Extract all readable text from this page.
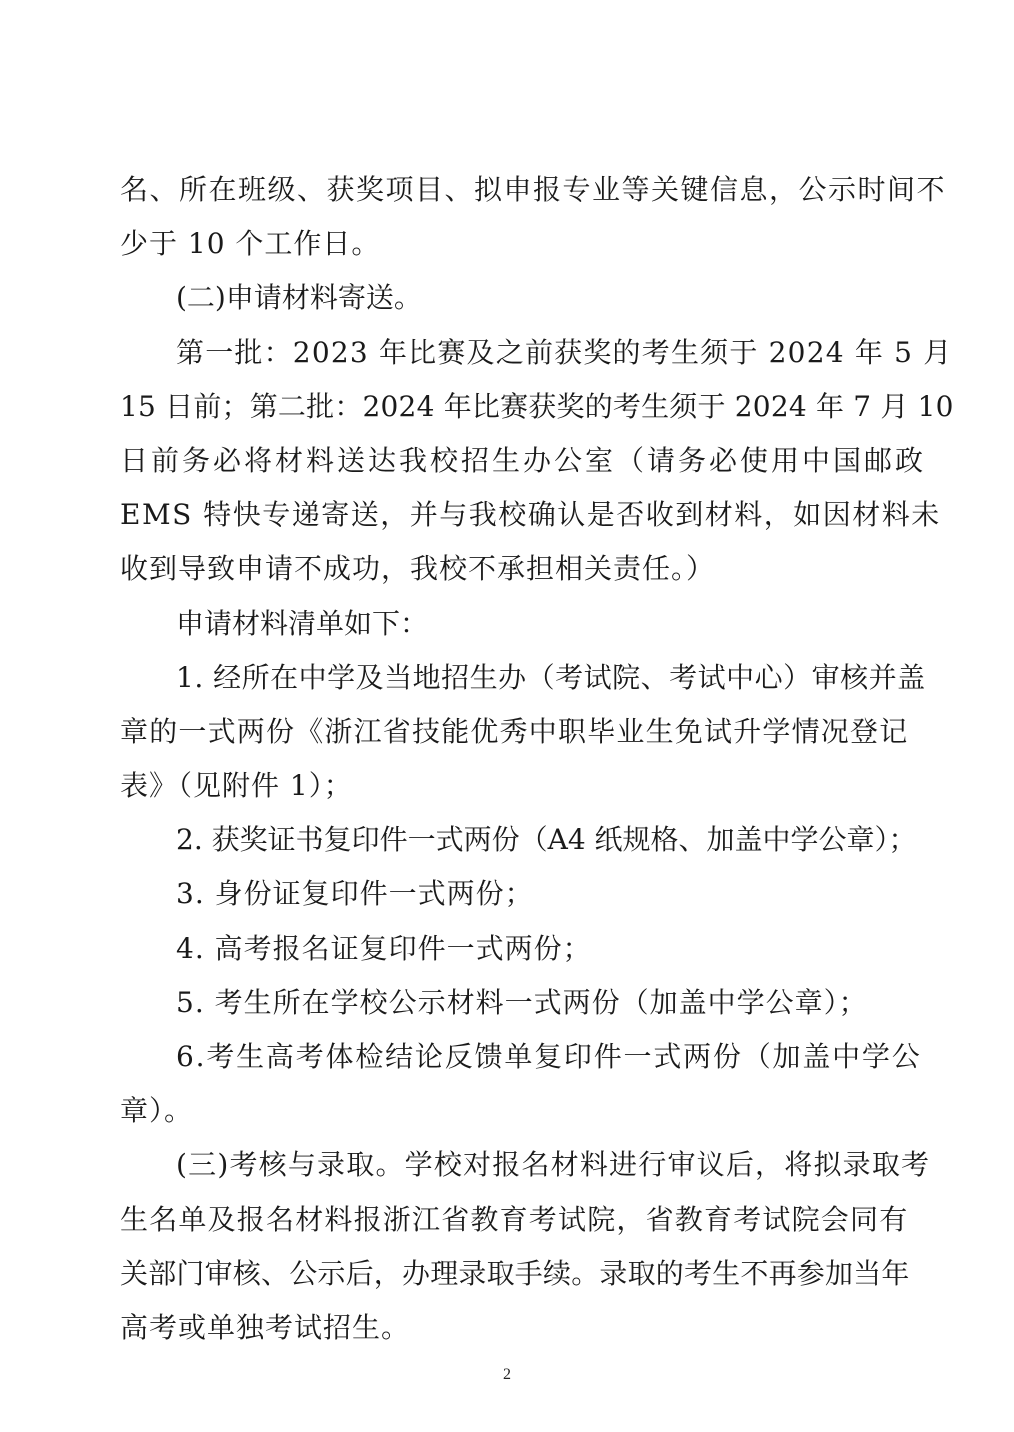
名、所在班级、获奖项目、拟申报专业等关键信息，公示时间不
少于 10 个工作日。
(二)申请材料寄送。
第一批：2023 年比赛及之前获奖的考生须于 2024 年 5 月
15 日前；第二批：2024 年比赛获奖的考生须于 2024 年 7 月 10
日前务必将材料送达我校招生办公室（请务必使用中国邮政
EMS 特快专递寄送，并与我校确认是否收到材料，如因材料未
收到导致申请不成功，我校不承担相关责任。）
申请材料清单如下：
1. 经所在中学及当地招生办（考试院、考试中心）审核并盖
章的一式两份《浙江省技能优秀中职毕业生免试升学情况登记
表》（见附件 1）；
2. 获奖证书复印件一式两份（A4 纸规格、加盖中学公章）；
3. 身份证复印件一式两份；
4. 高考报名证复印件一式两份；
5. 考生所在学校公示材料一式两份（加盖中学公章）；
6.考生高考体检结论反馈单复印件一式两份（加盖中学公
章）。
(三)考核与录取。学校对报名材料进行审议后，将拟录取考
生名单及报名材料报浙江省教育考试院，省教育考试院会同有
关部门审核、公示后，办理录取手续。录取的考生不再参加当年
高考或单独考试招生。
2
